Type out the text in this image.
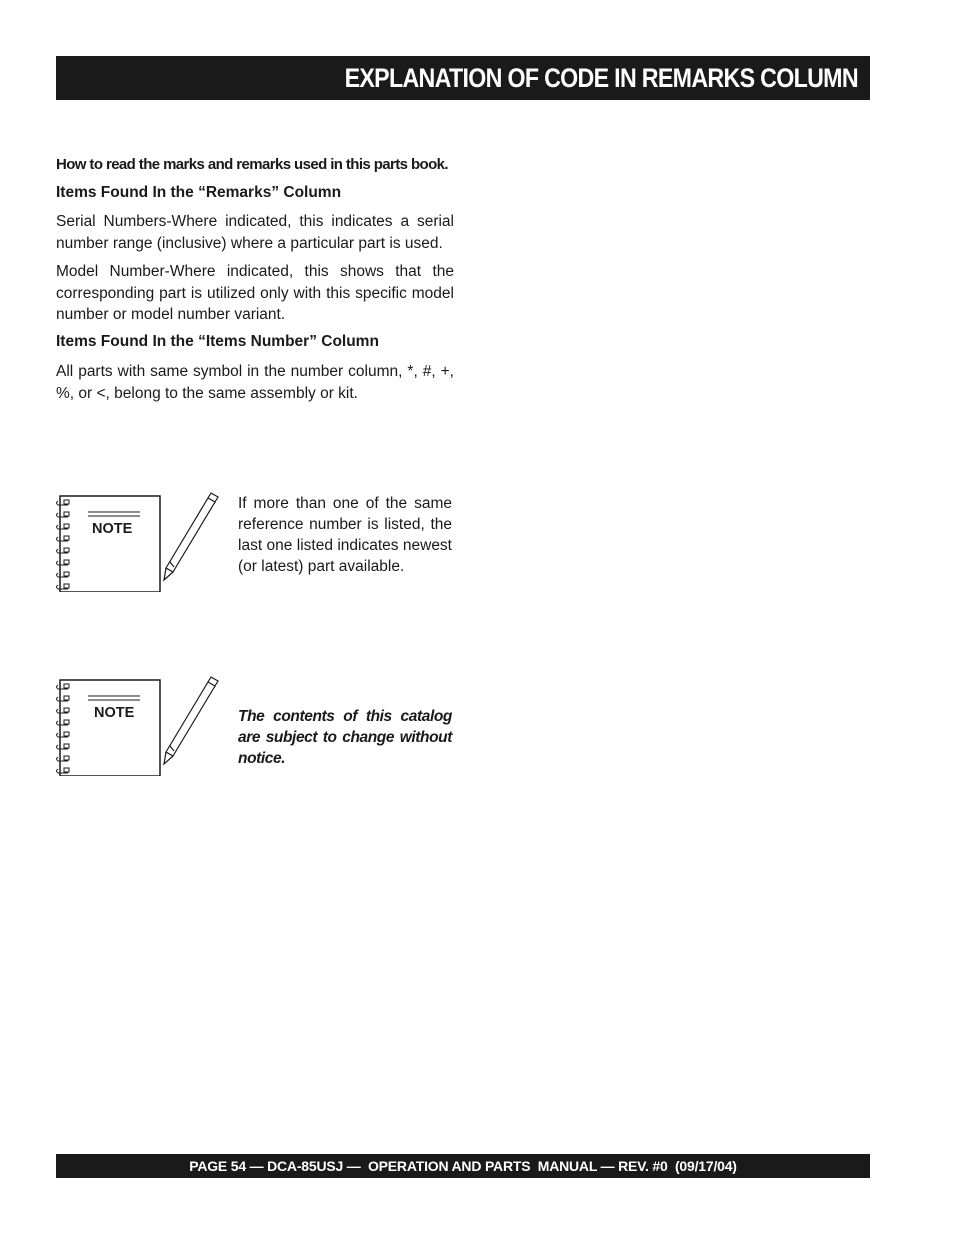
EXPLANATION OF CODE IN REMARKS COLUMN
How to read the marks and remarks used in this parts book.
Items Found In the “Remarks” Column

Serial Numbers-Where indicated, this indicates a serial number range (inclusive) where a particular part is used.

Model Number-Where indicated, this shows that the corresponding part is utilized only with this specific model number or model number variant.

Items Found In the “Items Number” Column

All parts with same symbol in the number column, *, #, +, %, or <, belong to the same assembly or kit.

NOTE
If more than one of the same reference number is listed, the last one listed indicates newest (or latest) part available.
NOTE	The contents of this catalog are subject to change without notice.
PAGE 54 — DCA-85USJ —  OPERATION AND PARTS  MANUAL — REV. #0  (09/17/04)
